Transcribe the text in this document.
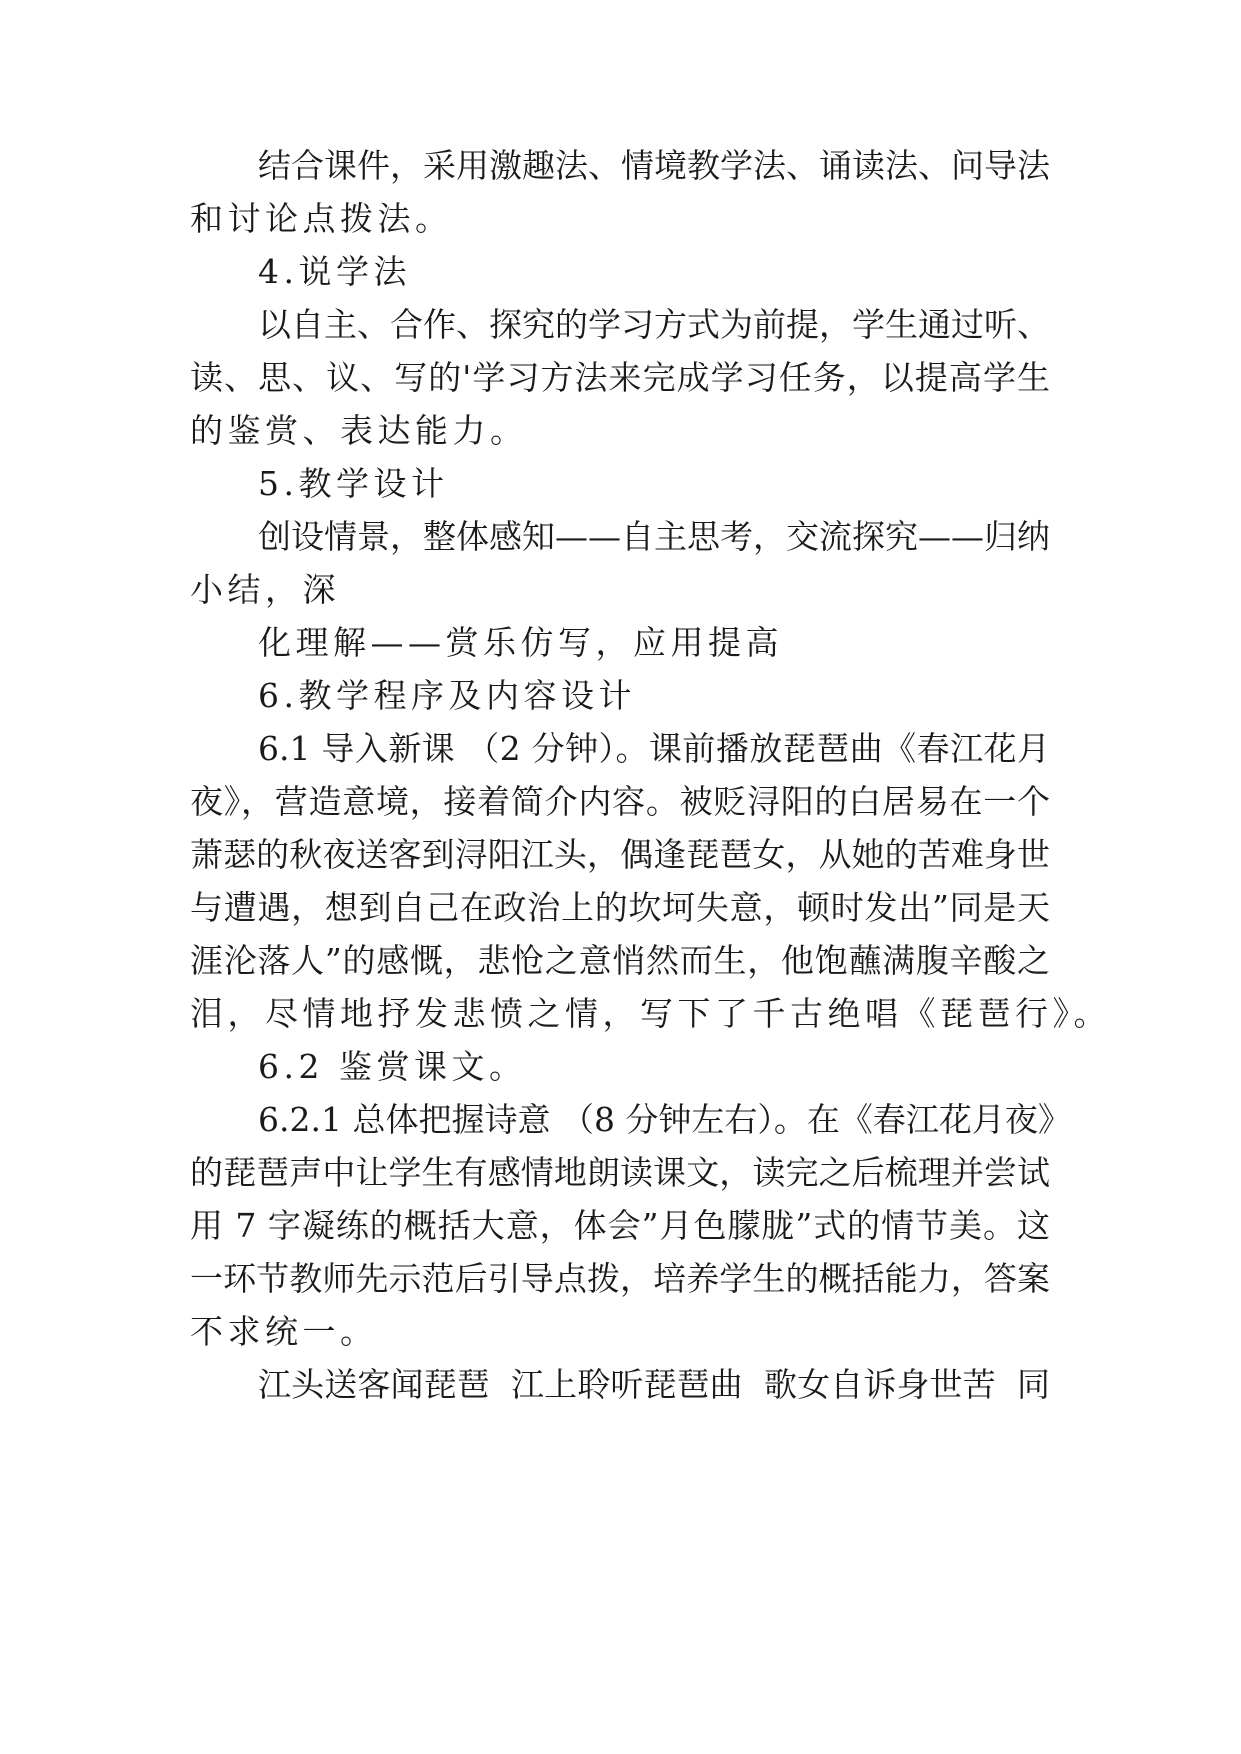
结合课件，采用激趣法、情境教学法、诵读法、问导法
和讨论点拨法。
4.说学法
以自主、合作、探究的学习方式为前提，学生通过听、
读、思、议、写的'学习方法来完成学习任务，以提高学生
的鉴赏、表达能力。
5.教学设计
创设情景，整体感知——自主思考，交流探究——归纳
小结，深
化理解——赏乐仿写，应用提高
6.教学程序及内容设计
6.1 导入新课 （2 分钟）。课前播放琵琶曲《春江花月
夜》，营造意境，接着简介内容。被贬浔阳的白居易在一个
萧瑟的秋夜送客到浔阳江头，偶逢琵琶女，从她的苦难身世
与遭遇，想到自己在政治上的坎坷失意，顿时发出”同是天
涯沦落人”的感慨，悲怆之意悄然而生，他饱蘸满腹辛酸之
泪，尽情地抒发悲愤之情，写下了千古绝唱《琵琶行》。
6.2 鉴赏课文。
6.2.1 总体把握诗意 （8 分钟左右）。在《春江花月夜》
的琵琶声中让学生有感情地朗读课文，读完之后梳理并尝试
用 7 字凝练的概括大意，体会”月色朦胧”式的情节美。这
一环节教师先示范后引导点拨，培养学生的概括能力，答案
不求统一。
江头送客闻琵琶  江上聆听琵琶曲  歌女自诉身世苦  同
